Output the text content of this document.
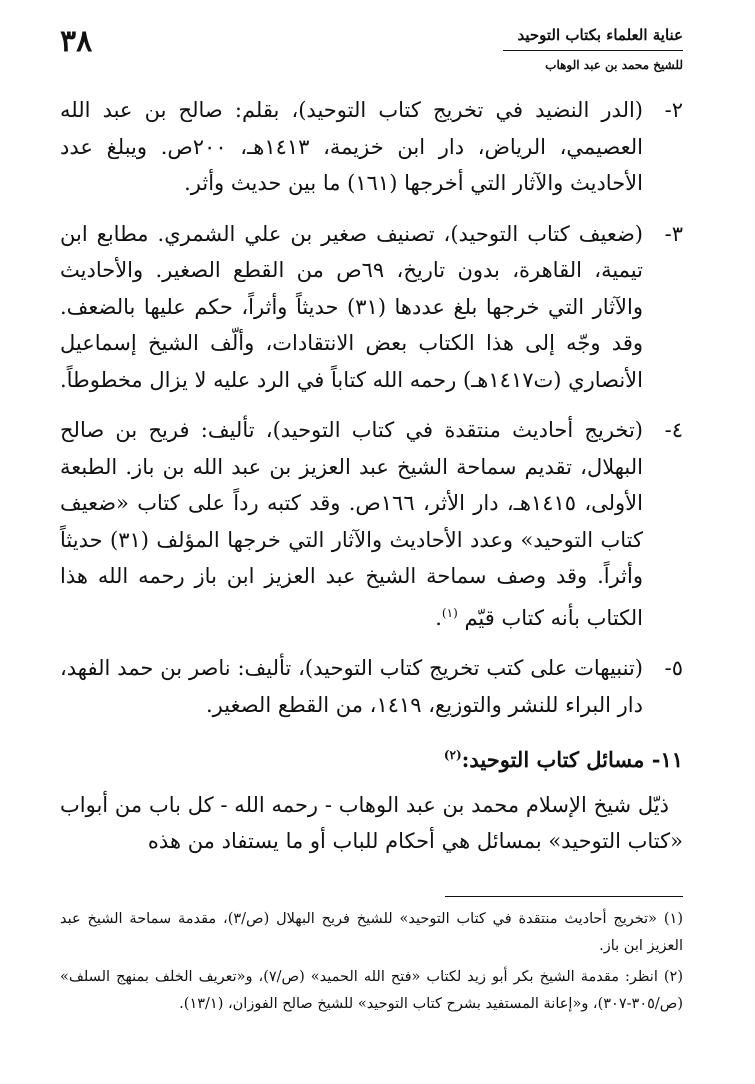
٣٨	عناية العلماء بكتاب التوحيد
للشيخ محمد بن عبد الوهاب
٢-
(الدر النضيد في تخريج كتاب التوحيد)، بقلم: صالح بن عبد الله العصيمي، الرياض، دار ابن خزيمة، ١٤١٣هـ، ٢٠٠ص. ويبلغ عدد الأحاديث والآثار التي أخرجها (١٦١) ما بين حديث وأثر.
٣-
(ضعيف كتاب التوحيد)، تصنيف صغير بن علي الشمري. مطابع ابن تيمية، القاهرة، بدون تاريخ، ٦٩ص من القطع الصغير. والأحاديث والآثار التي خرجها بلغ عددها (٣١) حديثاً وأثراً، حكم عليها بالضعف. وقد وجّه إلى هذا الكتاب بعض الانتقادات، وألّف الشيخ إسماعيل الأنصاري (ت١٤١٧هـ) رحمه الله كتاباً في الرد عليه لا يزال مخطوطاً.
٤-
(تخريج أحاديث منتقدة في كتاب التوحيد)، تأليف: فريح بن صالح البهلال، تقديم سماحة الشيخ عبد العزيز بن عبد الله بن باز. الطبعة الأولى، ١٤١٥هـ، دار الأثر، ١٦٦ص. وقد كتبه رداً على كتاب «ضعيف كتاب التوحيد» وعدد الأحاديث والآثار التي خرجها المؤلف (٣١) حديثاً وأثراً. وقد وصف سماحة الشيخ عبد العزيز ابن باز رحمه الله هذا الكتاب بأنه كتاب قيّم $^{(١)}$.
٥-
(تنبيهات على كتب تخريج كتاب التوحيد)، تأليف: ناصر بن حمد الفهد، دار البراء للنشر والتوزيع، ١٤١٩، من القطع الصغير.
١١- مسائل كتاب التوحيد:$^{(٢)}$

ذيّل شيخ الإسلام محمد بن عبد الوهاب - رحمه الله - كل باب من أبواب «كتاب التوحيد» بمسائل هي أحكام للباب أو ما يستفاد من هذه

(١) «تخريج أحاديث منتقدة في كتاب التوحيد» للشيخ فريح البهلال (ص/٣)، مقدمة سماحة الشيخ عبد العزيز ابن باز.

(٢) انظر: مقدمة الشيخ بكر أبو زيد لكتاب «فتح الله الحميد» (ص/٧)، و«تعريف الخلف بمنهج السلف» (ص/٣٠٥-٣٠٧)، و«إعانة المستفيد بشرح كتاب التوحيد» للشيخ صالح الفوزان، (١٣/١).
